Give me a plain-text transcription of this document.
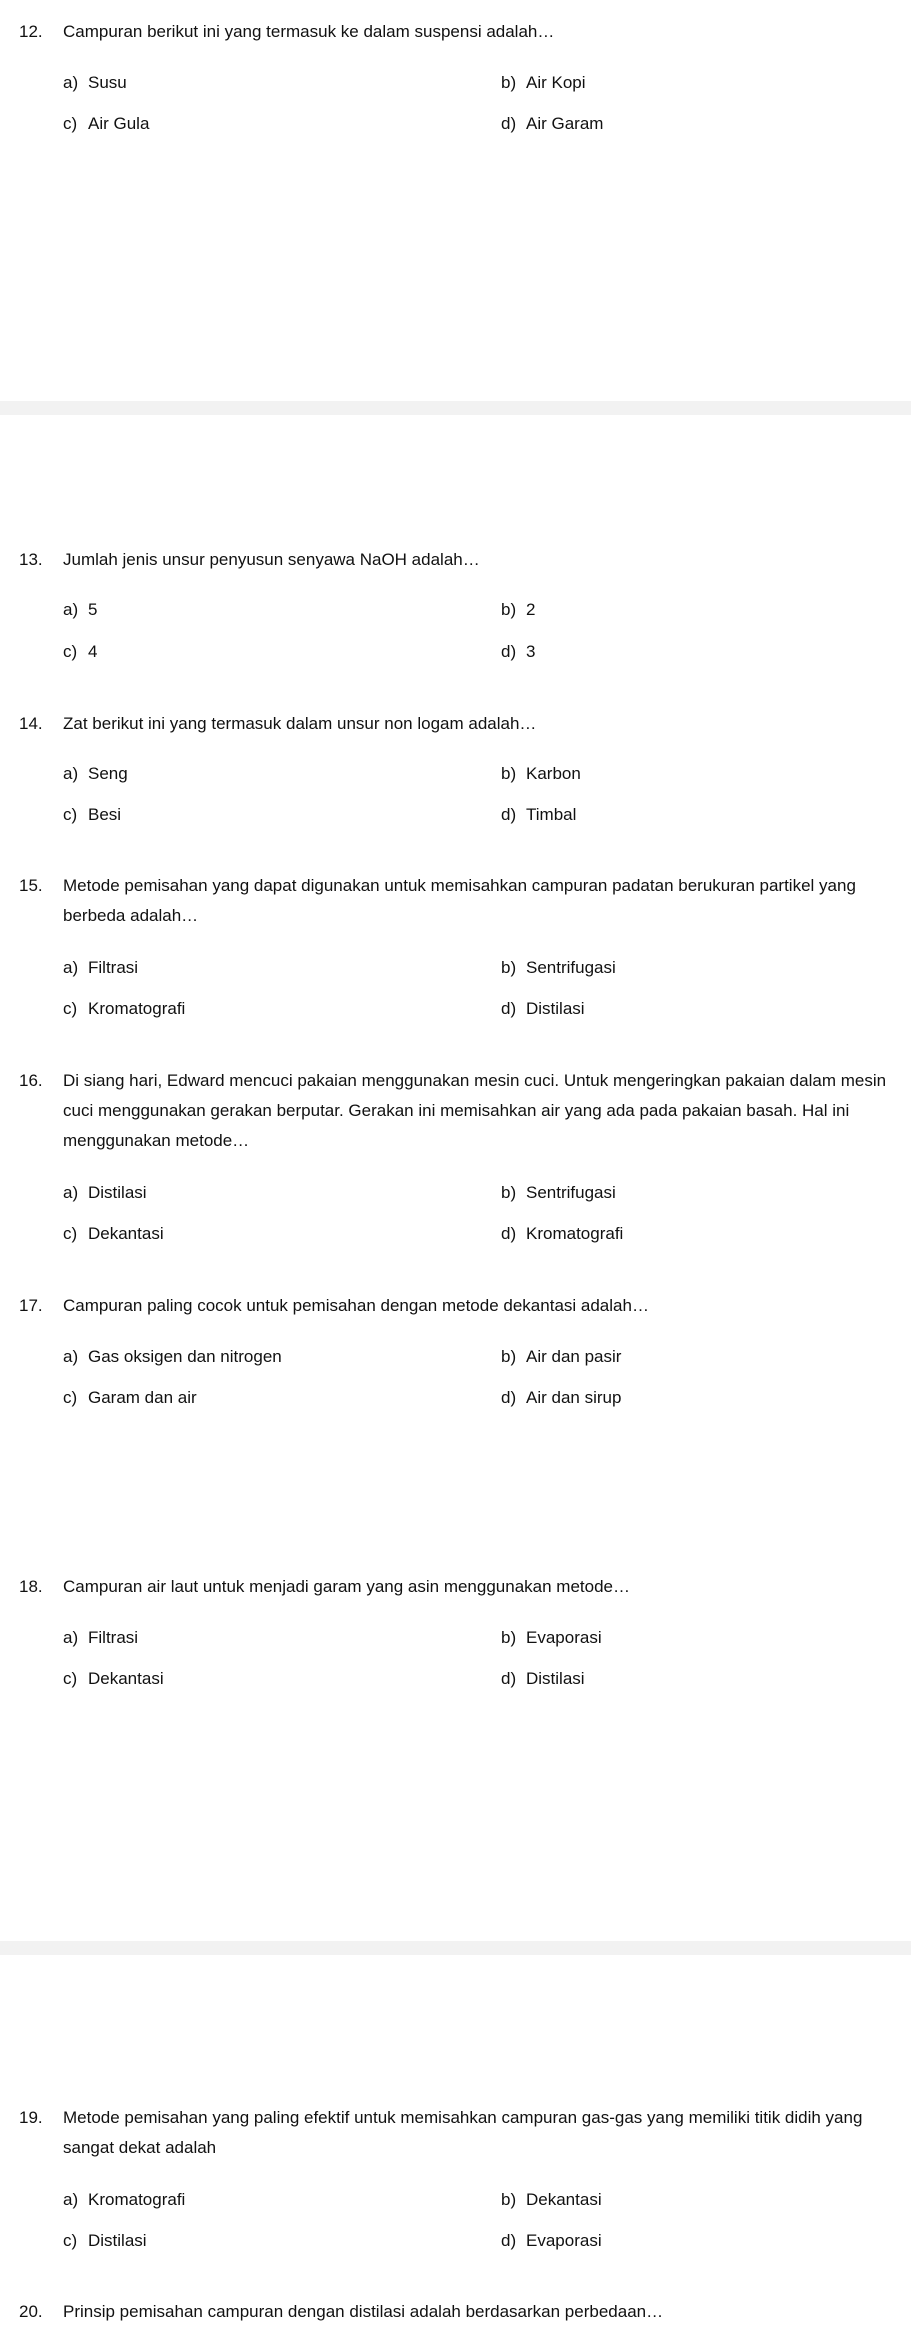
12. Campuran berikut ini yang termasuk ke dalam suspensi adalah…
a) Susu	b) Air Kopi
c) Air Gula	d) Air Garam
13. Jumlah jenis unsur penyusun senyawa NaOH adalah…
a) 5	b) 2
c) 4	d) 3
14. Zat berikut ini yang termasuk dalam unsur non logam adalah…
a) Seng	b) Karbon
c) Besi	d) Timbal
15. Metode pemisahan yang dapat digunakan untuk memisahkan campuran padatan berukuran partikel yang berbeda adalah…
a) Filtrasi	b) Sentrifugasi
c) Kromatografi	d) Distilasi
16. Di siang hari, Edward mencuci pakaian menggunakan mesin cuci. Untuk mengeringkan pakaian dalam mesin cuci menggunakan gerakan berputar. Gerakan ini memisahkan air yang ada pada pakaian basah. Hal ini menggunakan metode…
a) Distilasi	b) Sentrifugasi
c) Dekantasi	d) Kromatografi
17. Campuran paling cocok untuk pemisahan dengan metode dekantasi adalah…
a) Gas oksigen dan nitrogen	b) Air dan pasir
c) Garam dan air	d) Air dan sirup
18. Campuran air laut untuk menjadi garam yang asin menggunakan metode…
a) Filtrasi	b) Evaporasi
c) Dekantasi	d) Distilasi
19. Metode pemisahan yang paling efektif untuk memisahkan campuran gas-gas yang memiliki titik didih yang sangat dekat adalah
a) Kromatografi	b) Dekantasi
c) Distilasi	d) Evaporasi
20. Prinsip pemisahan campuran dengan distilasi adalah berdasarkan perbedaan…
